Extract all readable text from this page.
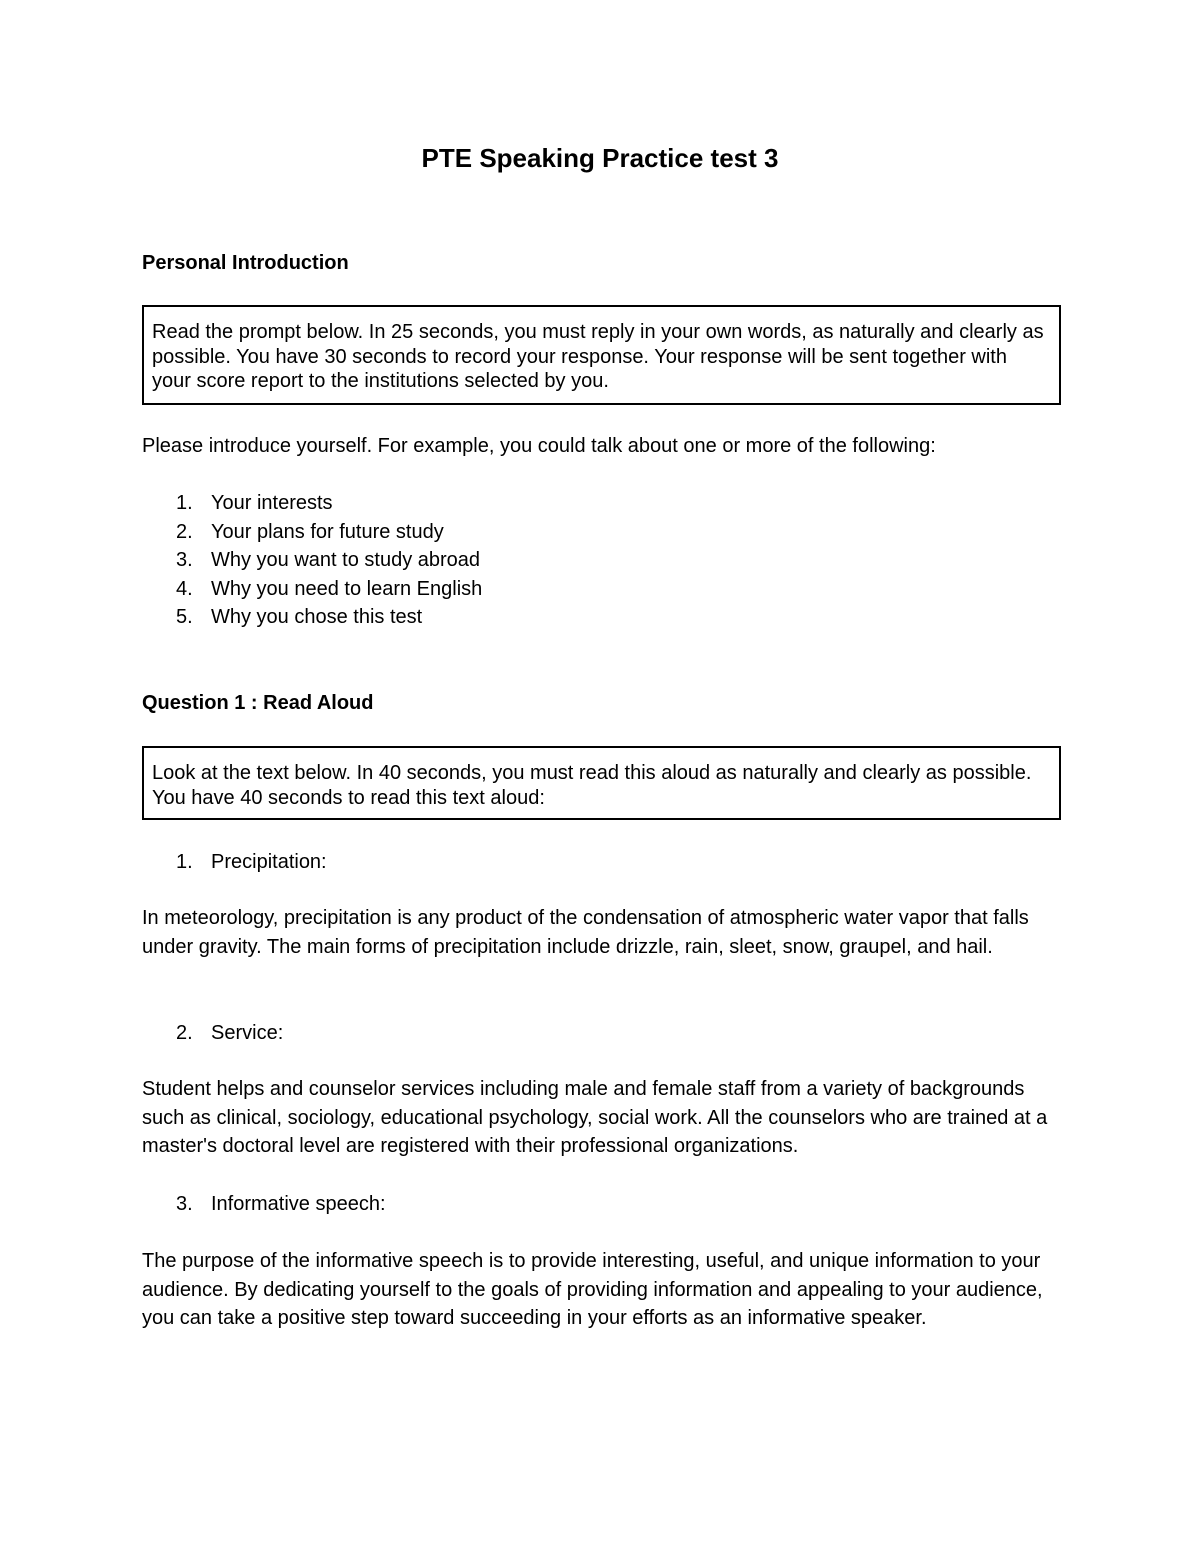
PTE Speaking Practice test 3
Personal Introduction

Read the prompt below. In 25 seconds, you must reply in your own words, as naturally and clearly as possible. You have 30 seconds to record your response. Your response will be sent together with your score report to the institutions selected by you.

Please introduce yourself. For example, you could talk about one or more of the following:

1. Your interests
2. Your plans for future study
3. Why you want to study abroad
4. Why you need to learn English
5. Why you chose this test
Question 1 : Read Aloud

Look at the text below. In 40 seconds, you must read this aloud as naturally and clearly as possible. You have 40 seconds to read this text aloud:

1. Precipitation:

In meteorology, precipitation is any product of the condensation of atmospheric water vapor that falls under gravity. The main forms of precipitation include drizzle, rain, sleet, snow, graupel, and hail.

2. Service:

Student helps and counselor services including male and female staff from a variety of backgrounds such as clinical, sociology, educational psychology, social work. All the counselors who are trained at a master's doctoral level are registered with their professional organizations.

3. Informative speech:

The purpose of the informative speech is to provide interesting, useful, and unique information to your audience. By dedicating yourself to the goals of providing information and appealing to your audience, you can take a positive step toward succeeding in your efforts as an informative speaker.
